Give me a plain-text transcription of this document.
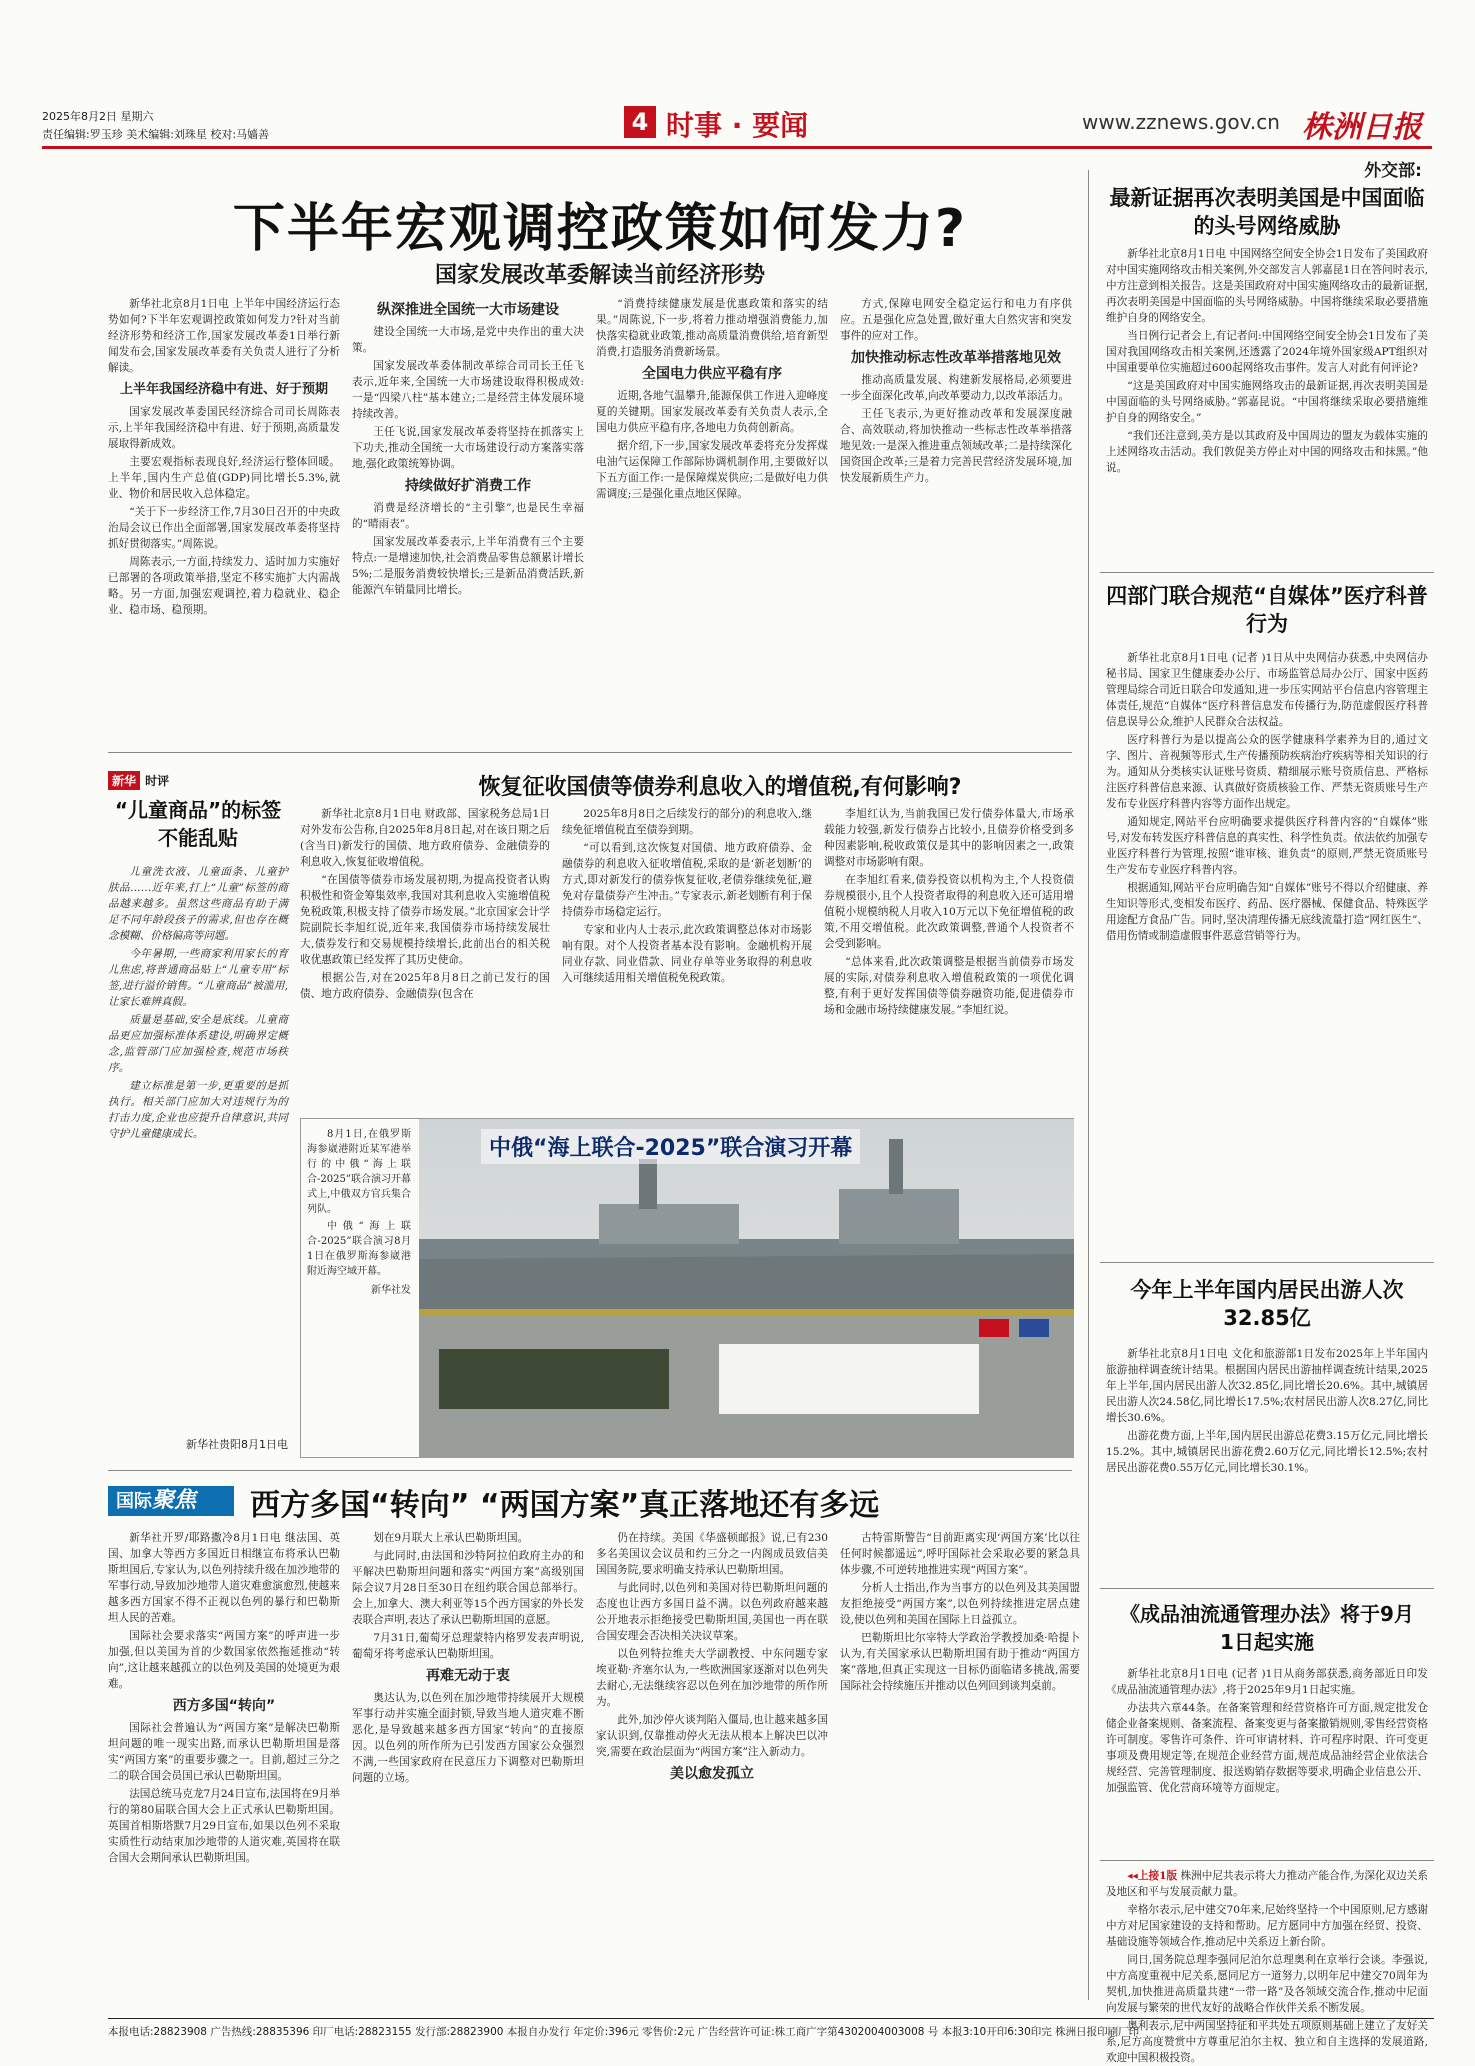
2025年8月2日 星期六
责任编辑:罗玉珍 美术编辑:刘珠星 校对:马嫱善	4 时事 · 要闻	www.zznews.gov.cn 株洲日报
下半年宏观调控政策如何发力?
国家发展改革委解读当前经济形势

新华社北京8月1日电 上半年中国经济运行态势如何?下半年宏观调控政策如何发力?针对当前经济形势和经济工作,国家发展改革委1日举行新闻发布会,国家发展改革委有关负责人进行了分析解读。

上半年我国经济稳中有进、好于预期

国家发展改革委国民经济综合司司长周陈表示,上半年我国经济稳中有进、好于预期,高质量发展取得新成效。

主要宏观指标表现良好,经济运行整体回暖。上半年,国内生产总值(GDP)同比增长5.3%,就业、物价和居民收入总体稳定。

“关于下一步经济工作,7月30日召开的中央政治局会议已作出全面部署,国家发展改革委将坚持抓好贯彻落实。”周陈说。

周陈表示,一方面,持续发力、适时加力实施好已部署的各项政策举措,坚定不移实施扩大内需战略。另一方面,加强宏观调控,着力稳就业、稳企业、稳市场、稳预期。

纵深推进全国统一大市场建设

建设全国统一大市场,是党中央作出的重大决策。

国家发展改革委体制改革综合司司长王任飞表示,近年来,全国统一大市场建设取得积极成效:一是“四梁八柱”基本建立;二是经营主体发展环境持续改善。

王任飞说,国家发展改革委将坚持在抓落实上下功夫,推动全国统一大市场建设行动方案落实落地,强化政策统筹协调。

持续做好扩消费工作

消费是经济增长的“主引擎”,也是民生幸福的“晴雨表”。

国家发展改革委表示,上半年消费有三个主要特点:一是增速加快,社会消费品零售总额累计增长5%;二是服务消费较快增长;三是新品消费活跃,新能源汽车销量同比增长。

“消费持续健康发展是优惠政策和落实的结果。”周陈说,下一步,将着力推动增强消费能力,加快落实稳就业政策,推动高质量消费供给,培育新型消费,打造服务消费新场景。

全国电力供应平稳有序

近期,各地气温攀升,能源保供工作进入迎峰度夏的关键期。国家发展改革委有关负责人表示,全国电力供应平稳有序,各地电力负荷创新高。

据介绍,下一步,国家发展改革委将充分发挥煤电油气运保障工作部际协调机制作用,主要做好以下五方面工作:一是保障煤炭供应;二是做好电力供需调度;三是强化重点地区保障。

方式,保障电网安全稳定运行和电力有序供应。五是强化应急处置,做好重大自然灾害和突发事件的应对工作。

加快推动标志性改革举措落地见效

推动高质量发展、构建新发展格局,必须要进一步全面深化改革,向改革要动力,以改革添活力。

王任飞表示,为更好推动改革和发展深度融合、高效联动,将加快推动一些标志性改革举措落地见效:一是深入推进重点领域改革;二是持续深化国资国企改革;三是着力完善民营经济发展环境,加快发展新质生产力。

外交部:
最新证据再次表明美国是中国面临的头号网络威胁

新华社北京8月1日电 中国网络空间安全协会1日发布了美国政府对中国实施网络攻击相关案例,外交部发言人郭嘉昆1日在答问时表示,中方注意到相关报告。这是美国政府对中国实施网络攻击的最新证据,再次表明美国是中国面临的头号网络威胁。中国将继续采取必要措施维护自身的网络安全。

当日例行记者会上,有记者问:中国网络空间安全协会1日发布了美国对我国网络攻击相关案例,还透露了2024年境外国家级APT组织对中国重要单位实施超过600起网络攻击事件。发言人对此有何评论?

“这是美国政府对中国实施网络攻击的最新证据,再次表明美国是中国面临的头号网络威胁。”郭嘉昆说。“中国将继续采取必要措施维护自身的网络安全。”

“我们还注意到,美方是以其政府及中国周边的盟友为载体实施的上述网络攻击活动。我们敦促美方停止对中国的网络攻击和抹黑。”他说。

四部门联合规范“自媒体”医疗科普行为

新华社北京8月1日电 (记者 )1日从中央网信办获悉,中央网信办秘书局、国家卫生健康委办公厅、市场监管总局办公厅、国家中医药管理局综合司近日联合印发通知,进一步压实网站平台信息内容管理主体责任,规范“自媒体”医疗科普信息发布传播行为,防范虚假医疗科普信息误导公众,维护人民群众合法权益。

医疗科普行为是以提高公众的医学健康科学素养为目的,通过文字、图片、音视频等形式,生产传播预防疾病治疗疾病等相关知识的行为。通知从分类核实认证账号资质、精细展示账号资质信息、严格标注医疗科普信息来源、认真做好资质核验工作、严禁无资质账号生产发布专业医疗科普内容等方面作出规定。

通知规定,网站平台应明确要求提供医疗科普内容的“自媒体”账号,对发布转发医疗科普信息的真实性、科学性负责。依法依约加强专业医疗科普行为管理,按照“谁审核、谁负责”的原则,严禁无资质账号生产发布专业医疗科普内容。

根据通知,网站平台应明确告知“自媒体”账号不得以介绍健康、养生知识等形式,变相发布医疗、药品、医疗器械、保健食品、特殊医学用途配方食品广告。同时,坚决清理传播无底线流量打造“网红医生”、借用伤情或制造虚假事件恶意营销等行为。

今年上半年国内居民出游人次32.85亿

新华社北京8月1日电 文化和旅游部1日发布2025年上半年国内旅游抽样调查统计结果。根据国内居民出游抽样调查统计结果,2025年上半年,国内居民出游人次32.85亿,同比增长20.6%。其中,城镇居民出游人次24.58亿,同比增长17.5%;农村居民出游人次8.27亿,同比增长30.6%。

出游花费方面,上半年,国内居民出游总花费3.15万亿元,同比增长15.2%。其中,城镇居民出游花费2.60万亿元,同比增长12.5%;农村居民出游花费0.55万亿元,同比增长30.1%。

《成品油流通管理办法》将于9月1日起实施

新华社北京8月1日电 (记者 )1日从商务部获悉,商务部近日印发《成品油流通管理办法》,将于2025年9月1日起实施。

办法共六章44条。在备案管理和经营资格许可方面,规定批发仓储企业备案规则、备案流程、备案变更与备案撤销规则,零售经营资格许可制度。零售许可条件、许可审请材料、许可程序时限、许可变更事项及费用规定等,在规范企业经营方面,规范成品油经营企业依法合规经营、完善管理制度、报送购销存数据等要求,明确企业信息公开、加强监管、优化营商环境等方面规定。

◂◂上接1版 株洲中尼共表示将大力推动产能合作,为深化双边关系及地区和平与发展贡献力量。

幸格尔表示,尼中建交70年来,尼始终坚持一个中国原则,尼方感谢中方对尼国家建设的支持和帮助。尼方愿同中方加强在经贸、投资、基础设施等领域合作,推动尼中关系迈上新台阶。

同日,国务院总理李强同尼泊尔总理奥利在京举行会谈。李强说,中方高度重视中尼关系,愿同尼方一道努力,以明年尼中建交70周年为契机,加快推进高质量共建“一带一路”及各领域交流合作,推动中尼面向发展与繁荣的世代友好的战略合作伙伴关系不断发展。

奥利表示,尼中两国坚持征和平共处五项原则基础上建立了友好关系,尼方高度赞赏中方尊重尼泊尔主权、独立和自主选择的发展道路,欢迎中国积极投资。

恢复征收国债等债券利息收入的增值税,有何影响?

新华社北京8月1日电 财政部、国家税务总局1日对外发布公告称,自2025年8月8日起,对在该日期之后(含当日)新发行的国债、地方政府债券、金融债券的利息收入,恢复征收增值税。

“在国债等债券市场发展初期,为提高投资者认购积极性和资金筹集效率,我国对其利息收入实施增值税免税政策,积极支持了债券市场发展。”北京国家会计学院副院长李旭红说,近年来,我国债券市场持续发展壮大,债券发行和交易规模持续增长,此前出台的相关税收优惠政策已经发挥了其历史使命。

根据公告,对在2025年8月8日之前已发行的国债、地方政府债券、金融债券(包含在

2025年8月8日之后续发行的部分)的利息收入,继续免征增值税直至债券到期。

“可以看到,这次恢复对国债、地方政府债券、金融债券的利息收入征收增值税,采取的是‘新老划断’的方式,即对新发行的债券恢复征收,老债券继续免征,避免对存量债券产生冲击。”专家表示,新老划断有利于保持债券市场稳定运行。

专家和业内人士表示,此次政策调整总体对市场影响有限。对个人投资者基本没有影响。金融机构开展同业存款、同业借款、同业存单等业务取得的利息收入可继续适用相关增值税免税政策。

李旭红认为,当前我国已发行债券体量大,市场承载能力较强,新发行债券占比较小,且债券价格受到多种因素影响,税收政策仅是其中的影响因素之一,政策调整对市场影响有限。

在李旭红看来,债券投资以机构为主,个人投资债券规模很小,且个人投资者取得的利息收入还可适用增值税小规模纳税人月收入10万元以下免征增值税的政策,不用交增值税。此次政策调整,普通个人投资者不会受到影响。

“总体来看,此次政策调整是根据当前债券市场发展的实际,对债券利息收入增值税政策的一项优化调整,有利于更好发挥国债等债券融资功能,促进债券市场和金融市场持续健康发展。”李旭红说。

新华 时评
“儿童商品”的标签不能乱贴

儿童洗衣液、儿童面条、儿童护肤品……近年来,打上“儿童”标签的商品越来越多。虽然这些商品有助于满足不同年龄段孩子的需求,但也存在概念模糊、价格偏高等问题。

今年暑期,一些商家利用家长的育儿焦虑,将普通商品贴上“儿童专用”标签,进行溢价销售。“儿童商品”被滥用,让家长难辨真假。

质量是基础,安全是底线。儿童商品更应加强标准体系建设,明确界定概念,监管部门应加强检查,规范市场秩序。

建立标准是第一步,更重要的是抓执行。相关部门应加大对违规行为的打击力度,企业也应提升自律意识,共同守护儿童健康成长。

新华社贵阳8月1日电

8月1日,在俄罗斯海参崴港附近某军港举行的中俄“海上联合-2025”联合演习开幕式上,中俄双方官兵集合列队。

中俄“海上联合-2025”联合演习8月1日在俄罗斯海参崴港附近海空域开幕。

新华社发
中俄“海上联合-2025”联合演习开幕
国际聚焦	西方多国“转向” “两国方案”真正落地还有多远

新华社开罗/耶路撒冷8月1日电 继法国、英国、加拿大等西方多国近日相继宣布将承认巴勒斯坦国后,专家认为,以色列持续升级在加沙地带的军事行动,导致加沙地带人道灾难愈演愈烈,使越来越多西方国家不得不正视以色列的暴行和巴勒斯坦人民的苦难。

国际社会要求落实“两国方案”的呼声进一步加强,但以美国为首的少数国家依然拖延推动“转向”,这让越来越孤立的以色列及美国的处境更为艰难。

西方多国“转向”

国际社会普遍认为“两国方案”是解决巴勒斯坦问题的唯一现实出路,而承认巴勒斯坦国是落实“两国方案”的重要步骤之一。目前,超过三分之二的联合国会员国已承认巴勒斯坦国。

法国总统马克龙7月24日宣布,法国将在9月举行的第80届联合国大会上正式承认巴勒斯坦国。英国首相斯塔默7月29日宣布,如果以色列不采取实质性行动结束加沙地带的人道灾难,英国将在联合国大会期间承认巴勒斯坦国。

划在9月联大上承认巴勒斯坦国。

与此同时,由法国和沙特阿拉伯政府主办的和平解决巴勒斯坦问题和落实“两国方案”高级别国际会议7月28日至30日在纽约联合国总部举行。会上,加拿大、澳大利亚等15个西方国家的外长发表联合声明,表达了承认巴勒斯坦国的意愿。

7月31日,葡萄牙总理蒙特内格罗发表声明说,葡萄牙将考虑承认巴勒斯坦国。

再难无动于衷

奥达认为,以色列在加沙地带持续展开大规模军事行动并实施全面封锁,导致当地人道灾难不断恶化,是导致越来越多西方国家“转向”的直接原因。以色列的所作所为已引发西方国家公众强烈不满,一些国家政府在民意压力下调整对巴勒斯坦问题的立场。

仍在持续。美国《华盛顿邮报》说,已有230多名美国议会议员和约三分之一内阁成员致信美国国务院,要求明确支持承认巴勒斯坦国。

与此同时,以色列和美国对待巴勒斯坦问题的态度也让西方多国日益不满。以色列政府越来越公开地表示拒绝接受巴勒斯坦国,美国也一再在联合国安理会否决相关决议草案。

以色列特拉维夫大学副教授、中东问题专家埃亚勒·齐塞尔认为,一些欧洲国家逐渐对以色列失去耐心,无法继续容忍以色列在加沙地带的所作所为。

此外,加沙停火谈判陷入僵局,也让越来越多国家认识到,仅靠推动停火无法从根本上解决巴以冲突,需要在政治层面为“两国方案”注入新动力。

美以愈发孤立

古特雷斯警告“目前距离实现‘两国方案’比以往任何时候都遥远”,呼吁国际社会采取必要的紧急具体步骤,不可逆转地推进实现“两国方案”。

分析人士指出,作为当事方的以色列及其美国盟友拒绝接受“两国方案”,以色列持续推进定居点建设,使以色列和美国在国际上日益孤立。

巴勒斯坦比尔宰特大学政治学教授加桑·哈提卜认为,有关国家承认巴勒斯坦国有助于推动“两国方案”落地,但真正实现这一目标仍面临诸多挑战,需要国际社会持续施压并推动以色列回到谈判桌前。

本报电话:28823908 广告热线:28835396 印厂电话:28823155 发行部:28823900 本报自办发行 年定价:396元 零售价:2元 广告经营许可证:株工商广字第4302004003008 号 本报3:10开印6:30印完 株洲日报印刷厂印
